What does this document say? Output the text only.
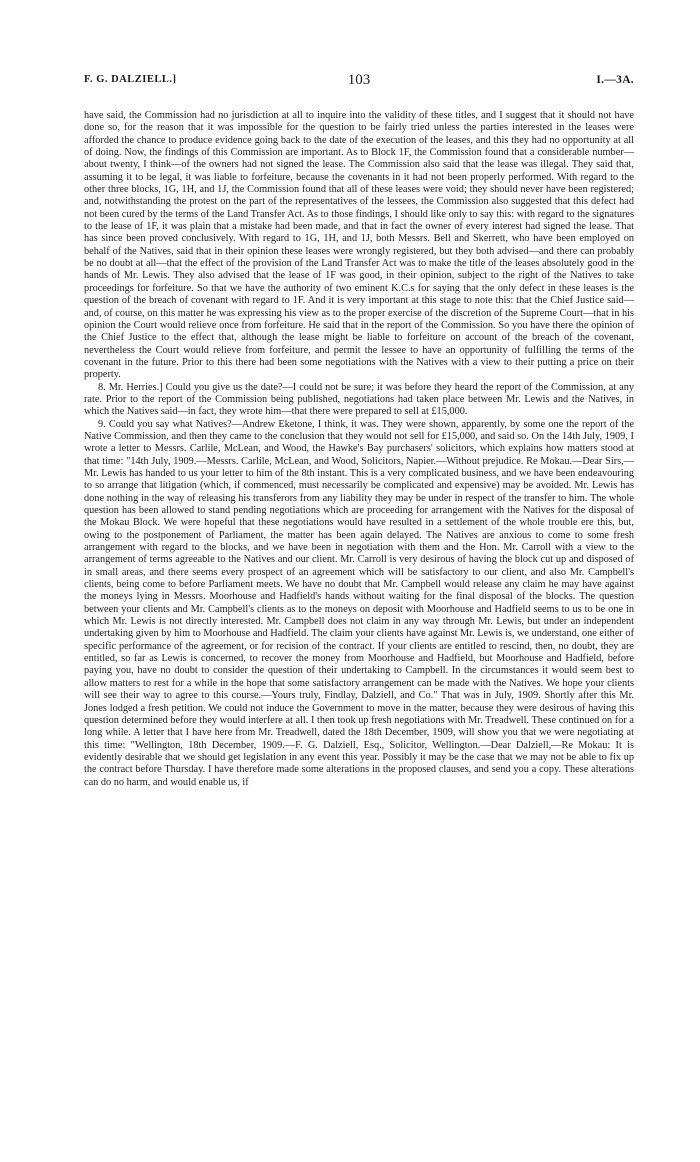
F. G. DALZIELL.]	103	I.—3A.

have said, the Commission had no jurisdiction at all to inquire into the validity of these titles, and I suggest that it should not have done so, for the reason that it was impossible for the question to be fairly tried unless the parties interested in the leases were afforded the chance to produce evidence going back to the date of the execution of the leases, and this they had no opportunity at all of doing. Now, the findings of this Commission are important. As to Block 1F, the Commission found that a considerable number—about twenty, I think—of the owners had not signed the lease. The Commission also said that the lease was illegal. They said that, assuming it to be legal, it was liable to forfeiture, because the covenants in it had not been properly performed. With regard to the other three blocks, 1G, 1H, and 1J, the Commission found that all of these leases were void; they should never have been registered; and, notwithstanding the protest on the part of the representatives of the lessees, the Commission also suggested that this defect had not been cured by the terms of the Land Transfer Act. As to those findings, I should like only to say this: with regard to the signatures to the lease of 1F, it was plain that a mistake had been made, and that in fact the owner of every interest had signed the lease. That has since been proved conclusively. With regard to 1G, 1H, and 1J, both Messrs. Bell and Skerrett, who have been employed on behalf of the Natives, said that in their opinion these leases were wrongly registered, but they both advised—and there can probably be no doubt at all—that the effect of the provision of the Land Transfer Act was to make the title of the leases absolutely good in the hands of Mr. Lewis. They also advised that the lease of 1F was good, in their opinion, subject to the right of the Natives to take proceedings for forfeiture. So that we have the authority of two eminent K.C.s for saying that the only defect in these leases is the question of the breach of covenant with regard to 1F. And it is very important at this stage to note this: that the Chief Justice said—and, of course, on this matter he was expressing his view as to the proper exercise of the discretion of the Supreme Court—that in his opinion the Court would relieve once from forfeiture. He said that in the report of the Commission. So you have there the opinion of the Chief Justice to the effect that, although the lease might be liable to forfeiture on account of the breach of the covenant, nevertheless the Court would relieve from forfeiture, and permit the lessee to have an opportunity of fulfilling the terms of the covenant in the future. Prior to this there had been some negotiations with the Natives with a view to their putting a price on their property.

8. Mr. Herries.] Could you give us the date?—I could not be sure; it was before they heard the report of the Commission, at any rate. Prior to the report of the Commission being published, negotiations had taken place between Mr. Lewis and the Natives, in which the Natives said—in fact, they wrote him—that there were prepared to sell at £15,000.

9. Could you say what Natives?—Andrew Eketone, I think, it was. They were shown, apparently, by some one the report of the Native Commission, and then they came to the conclusion that they would not sell for £15,000, and said so. On the 14th July, 1909, I wrote a letter to Messrs. Carlile, McLean, and Wood, the Hawke's Bay purchasers' solicitors, which explains how matters stood at that time: "14th July, 1909.—Messrs. Carlile, McLean, and Wood, Solicitors, Napier.—Without prejudice. Re Mokau.—Dear Sirs,—Mr. Lewis has handed to us your letter to him of the 8th instant. This is a very complicated business, and we have been endeavouring to so arrange that litigation (which, if commenced, must necessarily be complicated and expensive) may be avoided. Mr. Lewis has done nothing in the way of releasing his transferors from any liability they may be under in respect of the transfer to him. The whole question has been allowed to stand pending negotiations which are proceeding for arrangement with the Natives for the disposal of the Mokau Block. We were hopeful that these negotiations would have resulted in a settlement of the whole trouble ere this, but, owing to the postponement of Parliament, the matter has been again delayed. The Natives are anxious to come to some fresh arrangement with regard to the blocks, and we have been in negotiation with them and the Hon. Mr. Carroll with a view to the arrangement of terms agreeable to the Natives and our client. Mr. Carroll is very desirous of having the block cut up and disposed of in small areas, and there seems every prospect of an agreement which will be satisfactory to our client, and also Mr. Campbell's clients, being come to before Parliament meets. We have no doubt that Mr. Campbell would release any claim he may have against the moneys lying in Messrs. Moorhouse and Hadfield's hands without waiting for the final disposal of the blocks. The question between your clients and Mr. Campbell's clients as to the moneys on deposit with Moorhouse and Hadfield seems to us to be one in which Mr. Lewis is not directly interested. Mr. Campbell does not claim in any way through Mr. Lewis, but under an independent undertaking given by him to Moorhouse and Hadfield. The claim your clients have against Mr. Lewis is, we understand, one either of specific performance of the agreement, or for recision of the contract. If your clients are entitled to rescind, then, no doubt, they are entitled, so far as Lewis is concerned, to recover the money from Moorhouse and Hadfield, but Moorhouse and Hadfield, before paying you, have no doubt to consider the question of their undertaking to Campbell. In the circumstances it would seem best to allow matters to rest for a while in the hope that some satisfactory arrangement can be made with the Natives. We hope your clients will see their way to agree to this course.—Yours truly, Findlay, Dalziell, and Co." That was in July, 1909. Shortly after this Mr. Jones lodged a fresh petition. We could not induce the Government to move in the matter, because they were desirous of having this question determined before they would interfere at all. I then took up fresh negotiations with Mr. Treadwell. These continued on for a long while. A letter that I have here from Mr. Treadwell, dated the 18th December, 1909, will show you that we were negotiating at this time: "Wellington, 18th December, 1909.—F. G. Dalziell, Esq., Solicitor, Wellington.—Dear Dalziell,—Re Mokau: It is evidently desirable that we should get legislation in any event this year. Possibly it may be the case that we may not be able to fix up the contract before Thursday. I have therefore made some alterations in the proposed clauses, and send you a copy. These alterations can do no harm, and would enable us, if
